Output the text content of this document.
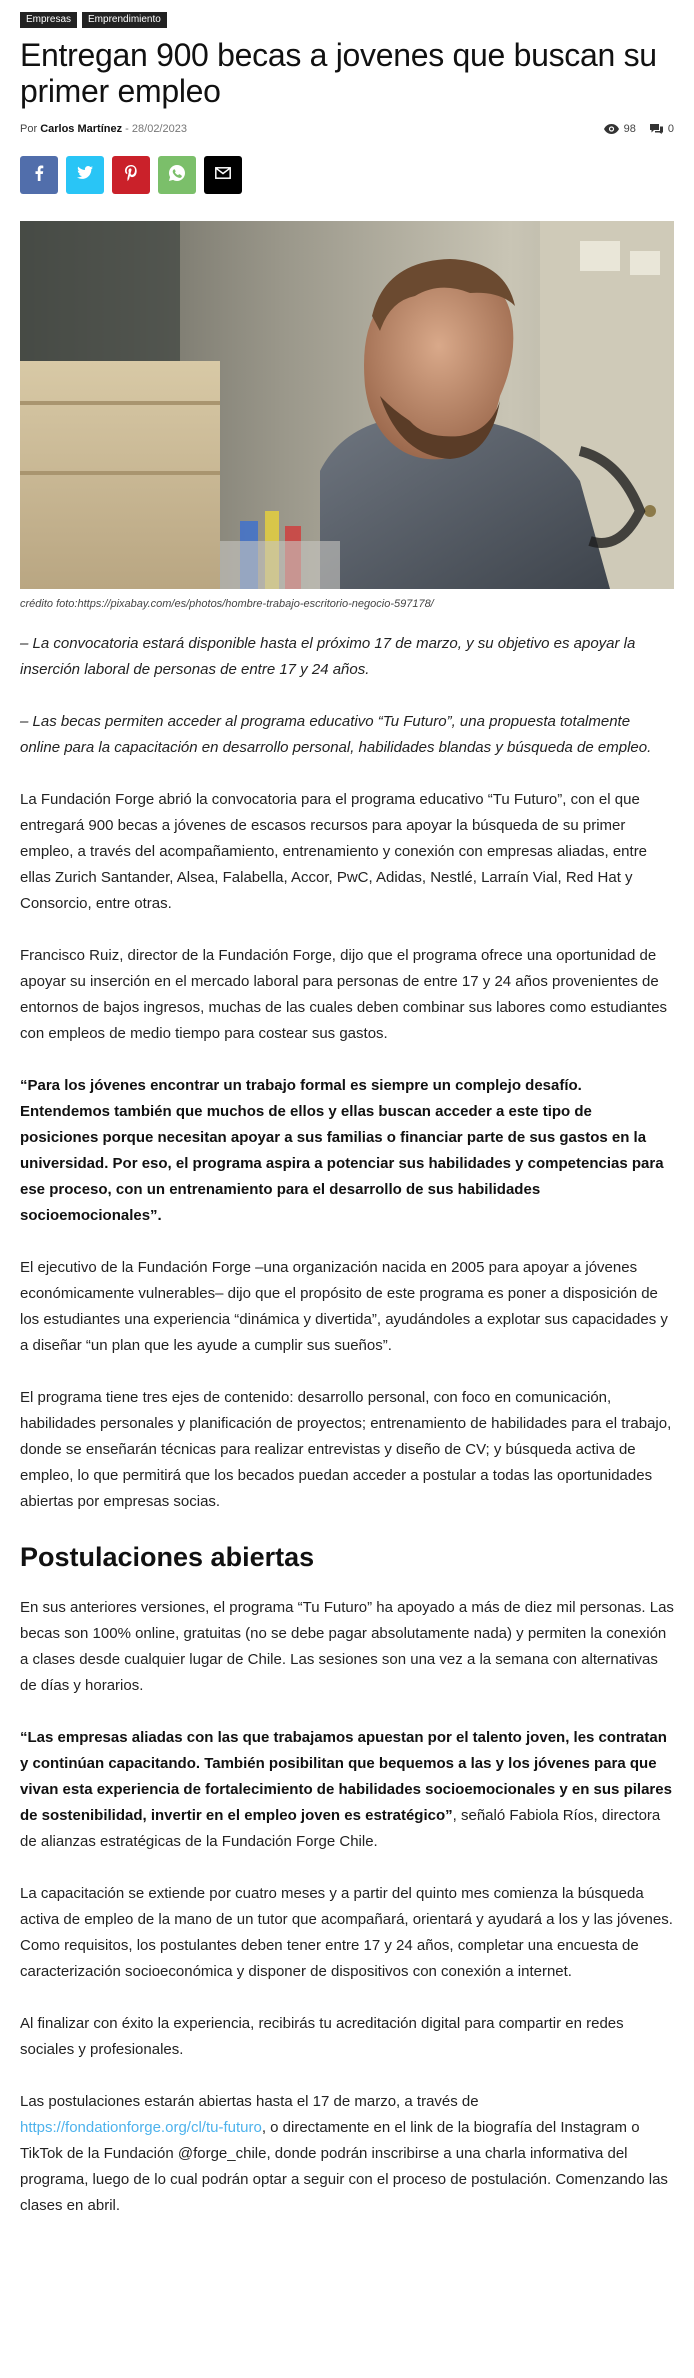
Empresas	Emprendimiento
Entregan 900 becas a jovenes que buscan su primer empleo
Por Carlos Martínez - 28/02/2023	98	0
crédito foto:https://pixabay.com/es/photos/hombre-trabajo-escritorio-negocio-597178/

– La convocatoria estará disponible hasta el próximo 17 de marzo, y su objetivo es apoyar la inserción laboral de personas de entre 17 y 24 años.

– Las becas permiten acceder al programa educativo “Tu Futuro”, una propuesta totalmente online para la capacitación en desarrollo personal, habilidades blandas y búsqueda de empleo.

La Fundación Forge abrió la convocatoria para el programa educativo “Tu Futuro”, con el que entregará 900 becas a jóvenes de escasos recursos para apoyar la búsqueda de su primer empleo, a través del acompañamiento, entrenamiento y conexión con empresas aliadas, entre ellas Zurich Santander, Alsea, Falabella, Accor, PwC, Adidas, Nestlé, Larraín Vial, Red Hat y Consorcio, entre otras.

Francisco Ruiz, director de la Fundación Forge, dijo que el programa ofrece una oportunidad de apoyar su inserción en el mercado laboral para personas de entre 17 y 24 años provenientes de entornos de bajos ingresos, muchas de las cuales deben combinar sus labores como estudiantes con empleos de medio tiempo para costear sus gastos.

“Para los jóvenes encontrar un trabajo formal es siempre un complejo desafío. Entendemos también que muchos de ellos y ellas buscan acceder a este tipo de posiciones porque necesitan apoyar a sus familias o financiar parte de sus gastos en la universidad. Por eso, el programa aspira a potenciar sus habilidades y competencias para ese proceso, con un entrenamiento para el desarrollo de sus habilidades socioemocionales”.

El ejecutivo de la Fundación Forge –una organización nacida en 2005 para apoyar a jóvenes económicamente vulnerables– dijo que el propósito de este programa es poner a disposición de los estudiantes una experiencia “dinámica y divertida”, ayudándoles a explotar sus capacidades y a diseñar “un plan que les ayude a cumplir sus sueños”.

El programa tiene tres ejes de contenido: desarrollo personal, con foco en comunicación, habilidades personales y planificación de proyectos; entrenamiento de habilidades para el trabajo, donde se enseñarán técnicas para realizar entrevistas y diseño de CV; y búsqueda activa de empleo, lo que permitirá que los becados puedan acceder a postular a todas las oportunidades abiertas por empresas socias.

Postulaciones abiertas

En sus anteriores versiones, el programa “Tu Futuro” ha apoyado a más de diez mil personas. Las becas son 100% online, gratuitas (no se debe pagar absolutamente nada) y permiten la conexión a clases desde cualquier lugar de Chile. Las sesiones son una vez a la semana con alternativas de días y horarios.

“Las empresas aliadas con las que trabajamos apuestan por el talento joven, les contratan y continúan capacitando. También posibilitan que bequemos a las y los jóvenes para que vivan esta experiencia de fortalecimiento de habilidades socioemocionales y en sus pilares de sostenibilidad, invertir en el empleo joven es estratégico”, señaló Fabiola Ríos, directora de alianzas estratégicas de la Fundación Forge Chile.

La capacitación se extiende por cuatro meses y a partir del quinto mes comienza la búsqueda activa de empleo de la mano de un tutor que acompañará, orientará y ayudará a los y las jóvenes. Como requisitos, los postulantes deben tener entre 17 y 24 años, completar una encuesta de caracterización socioeconómica y disponer de dispositivos con conexión a internet.

Al finalizar con éxito la experiencia, recibirás tu acreditación digital para compartir en redes sociales y profesionales.

Las postulaciones estarán abiertas hasta el 17 de marzo, a través de https://fondationforge.org/cl/tu-futuro, o directamente en el link de la biografía del Instagram o TikTok de la Fundación @forge_chile, donde podrán inscribirse a una charla informativa del programa, luego de lo cual podrán optar a seguir con el proceso de postulación. Comenzando las clases en abril.
